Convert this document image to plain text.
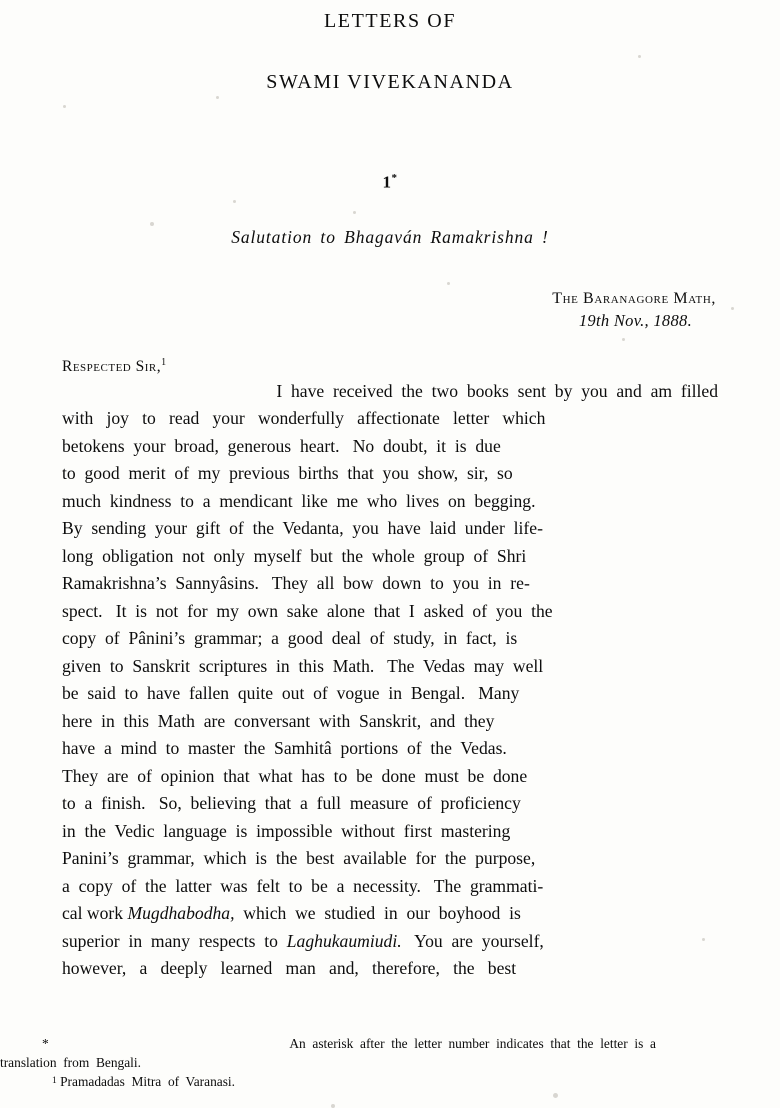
LETTERS OF
SWAMI VIVEKANANDA
1*
Salutation to Bhagaván Ramakrishna !
The Baranagore Math,
19th Nov., 1888.
Respected Sir,$^1$

I  have  received  the  two  books  sent  by  you  and  am  filled
with   joy   to   read   your   wonderfully   affectionate   letter   which
betokens  your  broad,  generous  heart.   No  doubt,  it  is  due
to  good  merit  of  my  previous  births  that  you  show,  sir,  so
much  kindness  to  a  mendicant  like  me  who  lives  on  begging.
By  sending  your  gift  of  the  Vedanta,  you  have  laid  under  life-
long  obligation  not  only  myself  but  the  whole  group  of  Shri
Ramakrishna’s  Sannyâsins.   They  all  bow  down  to  you  in  re-
spect.   It  is  not  for  my  own  sake  alone  that  I  asked  of  you  the
copy  of  Pânini’s  grammar;  a  good  deal  of  study,  in  fact,  is
given  to  Sanskrit  scriptures  in  this  Math.   The  Vedas  may  well
be  said  to  have  fallen  quite  out  of  vogue  in  Bengal.   Many
here  in  this  Math  are  conversant  with  Sanskrit,  and  they
have  a  mind  to  master  the  Samhitâ  portions  of  the  Vedas.
They  are  of  opinion  that  what  has  to  be  done  must  be  done
to  a  finish.   So,  believing  that  a  full  measure  of  proficiency
in  the  Vedic  language  is  impossible  without  first  mastering
Panini’s  grammar,  which  is  the  best  available  for  the  purpose,
a  copy  of  the  latter  was  felt  to  be  a  necessity.   The  grammati-
cal work Mugdhabodha,  which  we  studied  in  our  boyhood  is
superior  in  many  respects  to  Laghukaumiudi.   You  are  yourself,
however,   a   deeply   learned   man   and,   therefore,   the   best
*
	An  asterisk  after  the  letter  number  indicates  that  the  letter  is  a
translation  from  Bengali.
1
Pramadadas  Mitra  of  Varanasi.
